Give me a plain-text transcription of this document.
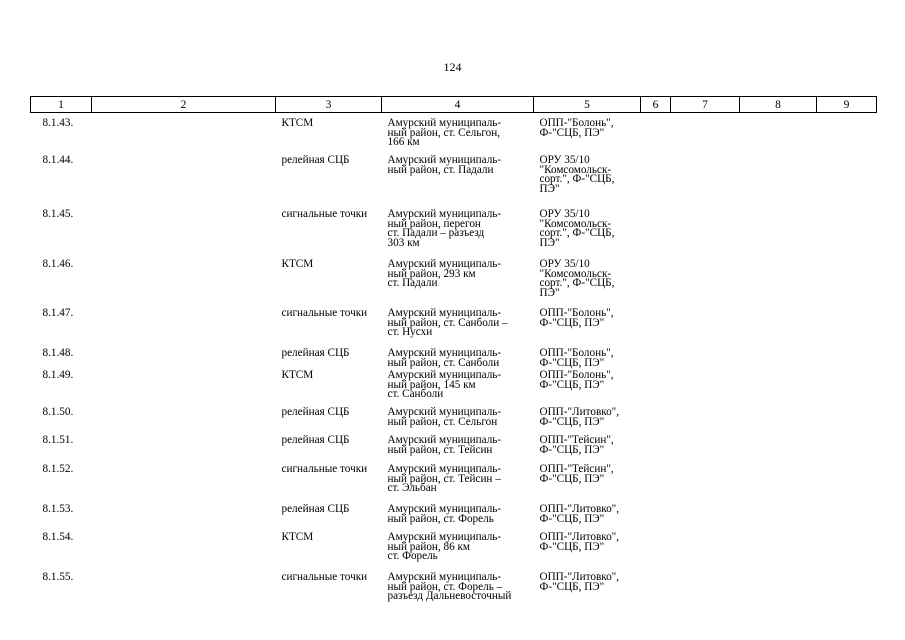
124
1	2	3	4	5	6	7	8	9

8.1.43.		КТСМ	Амурский муниципаль-
ный район, ст. Сельгон,
166 км	ОПП-"Болонь",
Ф-"СЦБ, ПЭ"				
8.1.44.		релейная СЦБ	Амурский муниципаль-
ный район, ст. Падали	ОРУ 35/10
"Комсомольск-
сорт.", Ф-"СЦБ,
ПЭ"				
8.1.45.		сигнальные точки	Амурский муниципаль-
ный район, перегон
ст. Падали – разъезд
303 км	ОРУ 35/10
"Комсомольск-
сорт.", Ф-"СЦБ,
ПЭ"				
8.1.46.		КТСМ	Амурский муниципаль-
ный район, 293 км
ст. Падали	ОРУ 35/10
"Комсомольск-
сорт.", Ф-"СЦБ,
ПЭ"				
8.1.47.		сигнальные точки	Амурский муниципаль-
ный район, ст. Санболи –
ст. Нусхи	ОПП-"Болонь",
Ф-"СЦБ, ПЭ"				
8.1.48.		релейная СЦБ	Амурский муниципаль-
ный район, ст. Санболи	ОПП-"Болонь",
Ф-"СЦБ, ПЭ"				
8.1.49.		КТСМ	Амурский муниципаль-
ный район, 145 км
ст. Санболи	ОПП-"Болонь",
Ф-"СЦБ, ПЭ"				
8.1.50.		релейная СЦБ	Амурский муниципаль-
ный район, ст. Сельгон	ОПП-"Литовко",
Ф-"СЦБ, ПЭ"				
8.1.51.		релейная СЦБ	Амурский муниципаль-
ный район, ст. Тейсин	ОПП-"Тейсин",
Ф-"СЦБ, ПЭ"				
8.1.52.		сигнальные точки	Амурский муниципаль-
ный район, ст. Тейсин –
ст. Эльбан	ОПП-"Тейсин",
Ф-"СЦБ, ПЭ"				
8.1.53.		релейная СЦБ	Амурский муниципаль-
ный район, ст. Форель	ОПП-"Литовко",
Ф-"СЦБ, ПЭ"				
8.1.54.		КТСМ	Амурский муниципаль-
ный район, 86 км
ст. Форель	ОПП-"Литовко",
Ф-"СЦБ, ПЭ"				
8.1.55.		сигнальные точки	Амурский муниципаль-
ный район, ст. Форель –
разъезд Дальневосточный	ОПП-"Литовко",
Ф-"СЦБ, ПЭ"				
